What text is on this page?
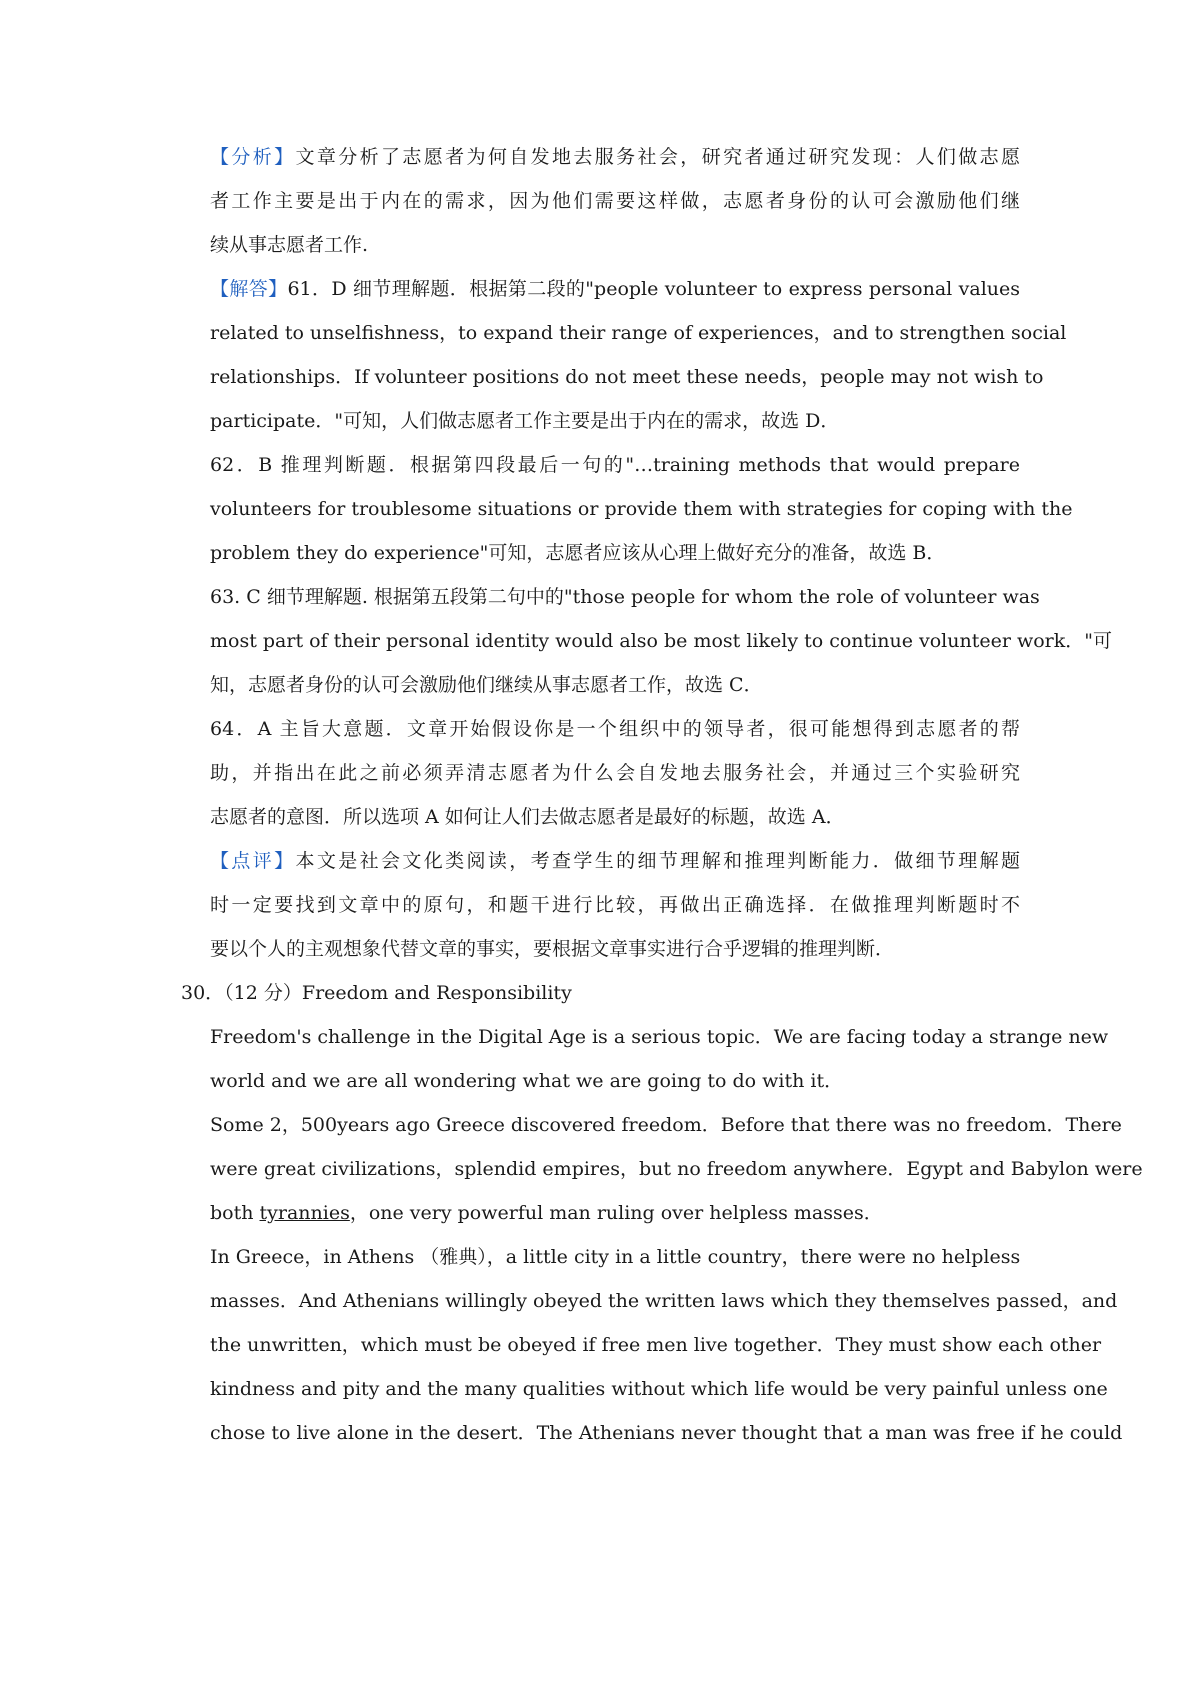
【分析】文章分析了志愿者为何自发地去服务社会，研究者通过研究发现：人们做志愿
者工作主要是出于内在的需求，因为他们需要这样做，志愿者身份的认可会激励他们继
续从事志愿者工作.
【解答】61．D 细节理解题．根据第二段的"people volunteer to express personal values
related to unselfishness，to expand their range of experiences，and to strengthen social
relationships．If volunteer positions do not meet these needs，people may not wish to
participate．"可知，人们做志愿者工作主要是出于内在的需求，故选 D．
62．B 推理判断题．根据第四段最后一句的"…training methods that would prepare
volunteers for troublesome situations or provide them with strategies for coping with the
problem they do experience"可知，志愿者应该从心理上做好充分的准备，故选 B．
63. C 细节理解题. 根据第五段第二句中的"those people for whom the role of volunteer was
most part of their personal identity would also be most likely to continue volunteer work．"可
知，志愿者身份的认可会激励他们继续从事志愿者工作，故选 C．
64．A 主旨大意题．文章开始假设你是一个组织中的领导者，很可能想得到志愿者的帮
助，并指出在此之前必须弄清志愿者为什么会自发地去服务社会，并通过三个实验研究
志愿者的意图．所以选项 A 如何让人们去做志愿者是最好的标题，故选 A．
【点评】本文是社会文化类阅读，考查学生的细节理解和推理判断能力．做细节理解题
时一定要找到文章中的原句，和题干进行比较，再做出正确选择．在做推理判断题时不
要以个人的主观想象代替文章的事实，要根据文章事实进行合乎逻辑的推理判断．
30．（12 分）Freedom and Responsibility
Freedom's challenge in the Digital Age is a serious topic．We are facing today a strange new
world and we are all wondering what we are going to do with it．
Some 2，500years ago Greece discovered freedom．Before that there was no freedom．There
were great civilizations，splendid empires，but no freedom anywhere．Egypt and Babylon were
both tyrannies，one very powerful man ruling over helpless masses．
In Greece，in Athens （雅典），a little city in a little country，there were no helpless
masses．And Athenians willingly obeyed the written laws which they themselves passed，and
the unwritten，which must be obeyed if free men live together．They must show each other
kindness and pity and the many qualities without which life would be very painful unless one
chose to live alone in the desert．The Athenians never thought that a man was free if he could
